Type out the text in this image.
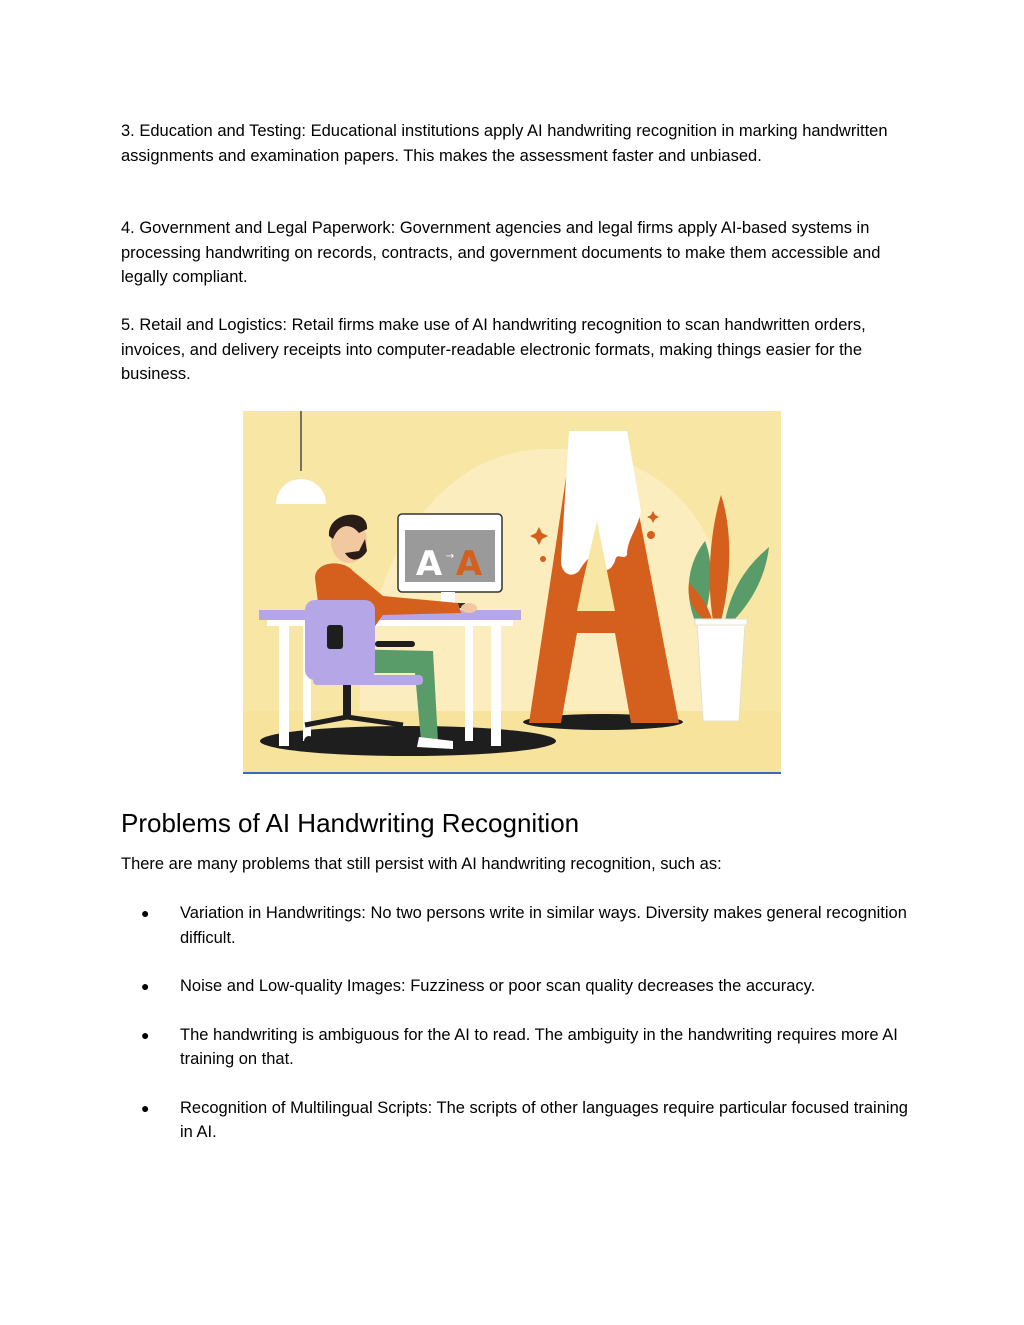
3. Education and Testing: Educational institutions apply AI handwriting recognition in marking handwritten assignments and examination papers. This makes the assessment faster and unbiased.

4. Government and Legal Paperwork: Government agencies and legal firms apply AI-based systems in processing handwriting on records, contracts, and government documents to make them accessible and legally compliant.

5. Retail and Logistics: Retail firms make use of AI handwriting recognition to scan handwritten orders, invoices, and delivery receipts into computer-readable electronic formats, making things easier for the business.

A → A
Problems of AI Handwriting Recognition

There are many problems that still persist with AI handwriting recognition, such as:

● Variation in Handwritings: No two persons write in similar ways. Diversity makes general recognition difficult.
● Noise and Low-quality Images: Fuzziness or poor scan quality decreases the accuracy.
● The handwriting is ambiguous for the AI to read. The ambiguity in the handwriting requires more AI training on that.
● Recognition of Multilingual Scripts: The scripts of other languages require particular focused training in AI.
